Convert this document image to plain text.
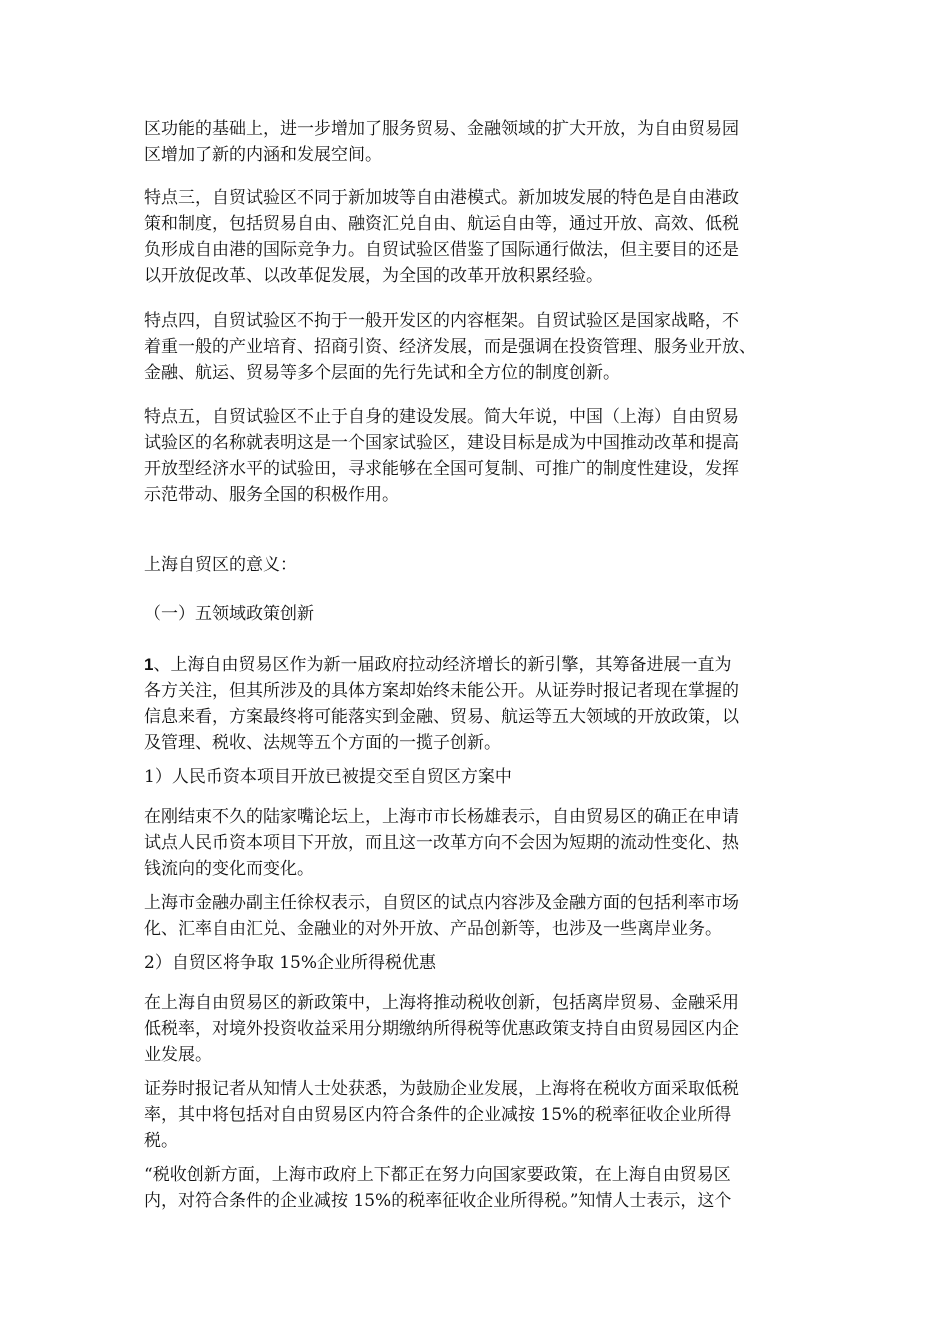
区功能的基础上，进一步增加了服务贸易、金融领域的扩大开放，为自由贸易园
区增加了新的内涵和发展空间。

特点三，自贸试验区不同于新加坡等自由港模式。新加坡发展的特色是自由港政
策和制度，包括贸易自由、融资汇兑自由、航运自由等，通过开放、高效、低税
负形成自由港的国际竞争力。自贸试验区借鉴了国际通行做法，但主要目的还是
以开放促改革、以改革促发展，为全国的改革开放积累经验。

特点四，自贸试验区不拘于一般开发区的内容框架。自贸试验区是国家战略，不
着重一般的产业培育、招商引资、经济发展，而是强调在投资管理、服务业开放、
金融、航运、贸易等多个层面的先行先试和全方位的制度创新。

特点五，自贸试验区不止于自身的建设发展。简大年说，中国（上海）自由贸易
试验区的名称就表明这是一个国家试验区，建设目标是成为中国推动改革和提高
开放型经济水平的试验田，寻求能够在全国可复制、可推广的制度性建设，发挥
示范带动、服务全国的积极作用。

上海自贸区的意义：

（一）五领域政策创新

1、上海自由贸易区作为新一届政府拉动经济增长的新引擎，其筹备进展一直为
各方关注，但其所涉及的具体方案却始终未能公开。从证券时报记者现在掌握的
信息来看，方案最终将可能落实到金融、贸易、航运等五大领域的开放政策，以
及管理、税收、法规等五个方面的一揽子创新。

1）人民币资本项目开放已被提交至自贸区方案中

在刚结束不久的陆家嘴论坛上，上海市市长杨雄表示，自由贸易区的确正在申请
试点人民币资本项目下开放，而且这一改革方向不会因为短期的流动性变化、热
钱流向的变化而变化。

上海市金融办副主任徐权表示，自贸区的试点内容涉及金融方面的包括利率市场
化、汇率自由汇兑、金融业的对外开放、产品创新等，也涉及一些离岸业务。

2）自贸区将争取 15%企业所得税优惠

在上海自由贸易区的新政策中，上海将推动税收创新，包括离岸贸易、金融采用
低税率，对境外投资收益采用分期缴纳所得税等优惠政策支持自由贸易园区内企
业发展。

证券时报记者从知情人士处获悉，为鼓励企业发展，上海将在税收方面采取低税
率，其中将包括对自由贸易区内符合条件的企业减按 15%的税率征收企业所得
税。

“税收创新方面，上海市政府上下都正在努力向国家要政策，在上海自由贸易区
内，对符合条件的企业减按 15%的税率征收企业所得税。”知情人士表示，这个
